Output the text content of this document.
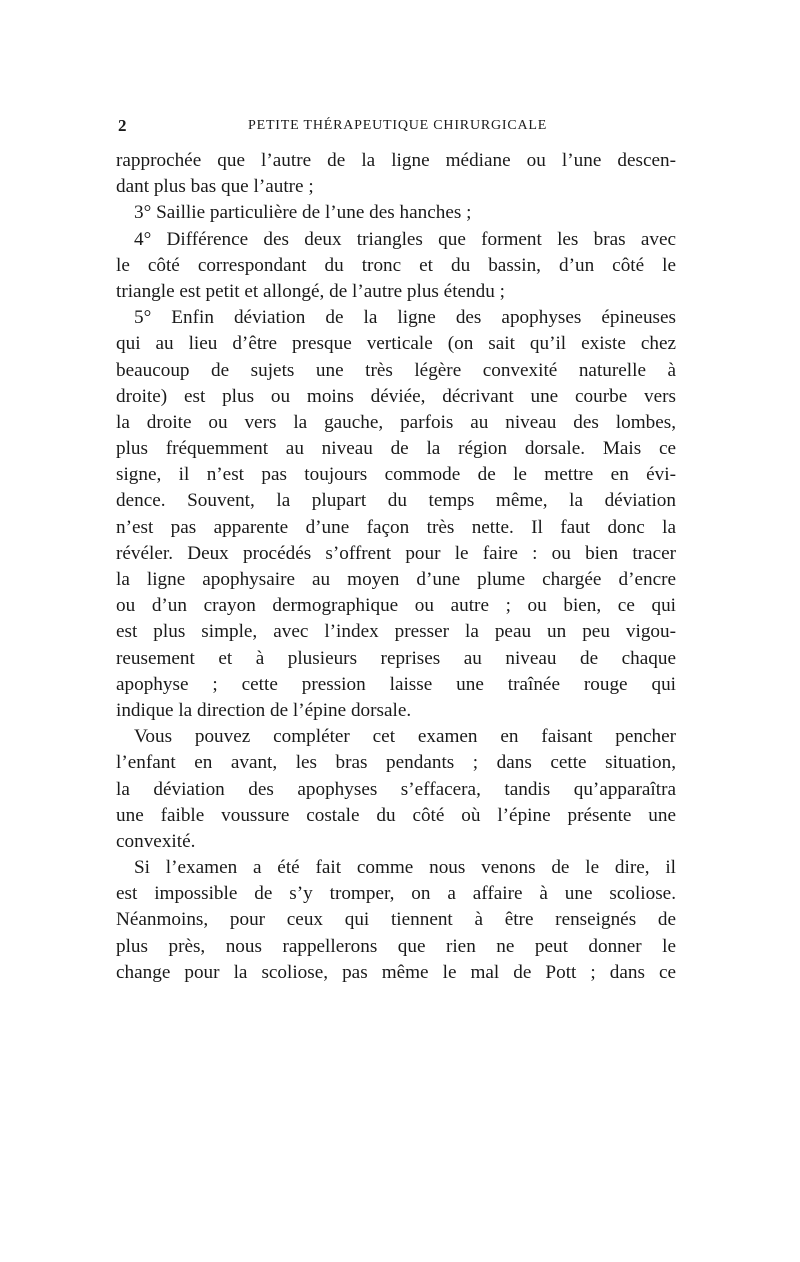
2	PETITE THÉRAPEUTIQUE CHIRURGICALE
rapprochée que l’autre de la ligne médiane ou l’une descen-
dant plus bas que l’autre ;
3° Saillie particulière de l’une des hanches ;
4° Différence des deux triangles que forment les bras avec
le côté correspondant du tronc et du bassin, d’un côté le
triangle est petit et allongé, de l’autre plus étendu ;
5° Enfin déviation de la ligne des apophyses épineuses
qui au lieu d’être presque verticale (on sait qu’il existe chez
beaucoup de sujets une très légère convexité naturelle à
droite) est plus ou moins déviée, décrivant une courbe vers
la droite ou vers la gauche, parfois au niveau des lombes,
plus fréquemment au niveau de la région dorsale. Mais ce
signe, il n’est pas toujours commode de le mettre en évi-
dence. Souvent, la plupart du temps même, la déviation
n’est pas apparente d’une façon très nette. Il faut donc la
révéler. Deux procédés s’offrent pour le faire : ou bien tracer
la ligne apophysaire au moyen d’une plume chargée d’encre
ou d’un crayon dermographique ou autre ; ou bien, ce qui
est plus simple, avec l’index presser la peau un peu vigou-
reusement et à plusieurs reprises au niveau de chaque
apophyse ; cette pression laisse une traînée rouge qui
indique la direction de l’épine dorsale.
Vous pouvez compléter cet examen en faisant pencher
l’enfant en avant, les bras pendants ; dans cette situation,
la déviation des apophyses s’effacera, tandis qu’apparaîtra
une faible voussure costale du côté où l’épine présente une
convexité.
Si l’examen a été fait comme nous venons de le dire, il
est impossible de s’y tromper, on a affaire à une scoliose.
Néanmoins, pour ceux qui tiennent à être renseignés de
plus près, nous rappellerons que rien ne peut donner le
change pour la scoliose, pas même le mal de Pott ; dans ce
